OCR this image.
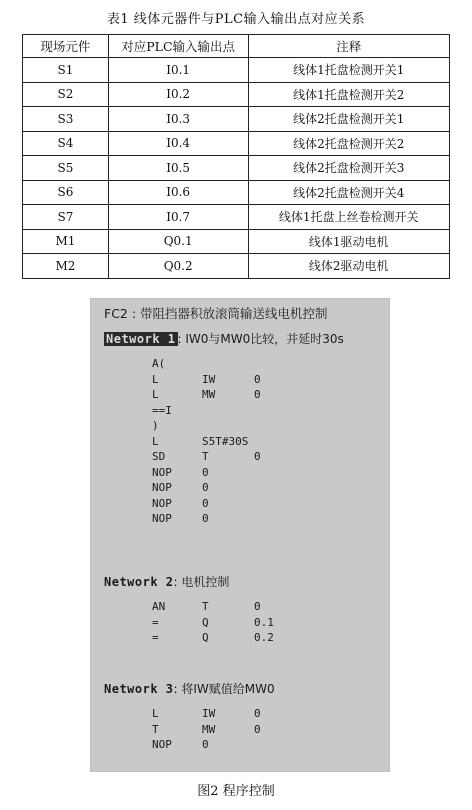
表1 线体元器件与PLC输入输出点对应关系
现场元件	对应PLC输入输出点	注释
S1	I0.1	线体1托盘检测开关1
S2	I0.2	线体1托盘检测开关2
S3	I0.3	线体2托盘检测开关1
S4	I0.4	线体2托盘检测开关2
S5	I0.5	线体2托盘检测开关3
S6	I0.6	线体2托盘检测开关4
S7	I0.7	线体1托盘上丝卷检测开关
M1	Q0.1	线体1驱动电机
M2	Q0.2	线体2驱动电机
FC2 : 带阻挡器积放滚筒输送线电机控制
Network 1 : IW0与MW0比较，并延时30s
A(
L	IW	0
L	MW	0
==I
)
L	S5T#30S
SD	T	0
NOP	0
NOP	0
NOP	0
NOP	0
Network 2: 电机控制
AN	T	0
=	Q	0.1
=	Q	0.2
Network 3: 将IW赋值给MW0
L	IW	0
T	MW	0
NOP	0
图2 程序控制
